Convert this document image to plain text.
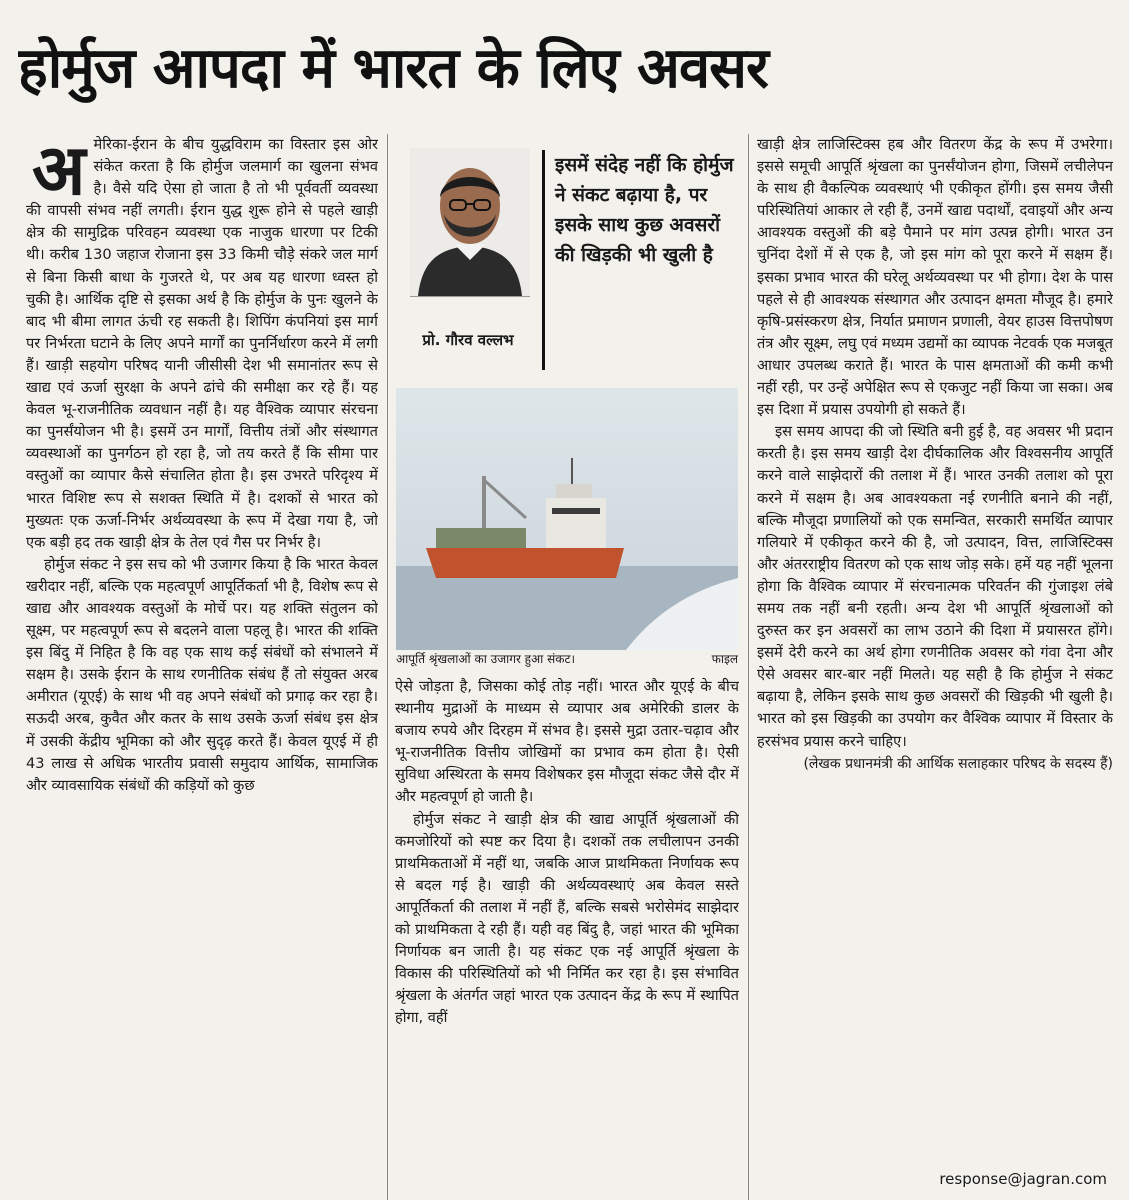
होर्मुज आपदा में भारत के लिए अवसर
अ मेरिका-ईरान के बीच युद्धविराम का विस्तार इस ओर संकेत करता है कि होर्मुज जलमार्ग का खुलना संभव है। वैसे यदि ऐसा हो जाता है तो भी पूर्ववर्ती व्यवस्था की वापसी संभव नहीं लगती। ईरान युद्ध शुरू होने से पहले खाड़ी क्षेत्र की सामुद्रिक परिवहन व्यवस्था एक नाजुक धारणा पर टिकी थी। करीब 130 जहाज रोजाना इस 33 किमी चौड़े संकरे जल मार्ग से बिना किसी बाधा के गुजरते थे, पर अब यह धारणा ध्वस्त हो चुकी है। आर्थिक दृष्टि से इसका अर्थ है कि होर्मुज के पुनः खुलने के बाद भी बीमा लागत ऊंची रह सकती है। शिपिंग कंपनियां इस मार्ग पर निर्भरता घटाने के लिए अपने मार्गों का पुनर्निर्धारण करने में लगी हैं। खाड़ी सहयोग परिषद यानी जीसीसी देश भी समानांतर रूप से खाद्य एवं ऊर्जा सुरक्षा के अपने ढांचे की समीक्षा कर रहे हैं। यह केवल भू-राजनीतिक व्यवधान नहीं है। यह वैश्विक व्यापार संरचना का पुनर्संयोजन भी है। इसमें उन मार्गों, वित्तीय तंत्रों और संस्थागत व्यवस्थाओं का पुनर्गठन हो रहा है, जो तय करते हैं कि सीमा पार वस्तुओं का व्यापार कैसे संचालित होता है। इस उभरते परिदृश्य में भारत विशिष्ट रूप से सशक्त स्थिति में है। दशकों से भारत को मुख्यतः एक ऊर्जा-निर्भर अर्थव्यवस्था के रूप में देखा गया है, जो एक बड़ी हद तक खाड़ी क्षेत्र के तेल एवं गैस पर निर्भर है।

होर्मुज संकट ने इस सच को भी उजागर किया है कि भारत केवल खरीदार नहीं, बल्कि एक महत्वपूर्ण आपूर्तिकर्ता भी है, विशेष रूप से खाद्य और आवश्यक वस्तुओं के मोर्चे पर। यह शक्ति संतुलन को सूक्ष्म, पर महत्वपूर्ण रूप से बदलने वाला पहलू है। भारत की शक्ति इस बिंदु में निहित है कि वह एक साथ कई संबंधों को संभालने में सक्षम है। उसके ईरान के साथ रणनीतिक संबंध हैं तो संयुक्त अरब अमीरात (यूएई) के साथ भी वह अपने संबंधों को प्रगाढ़ कर रहा है। सऊदी अरब, कुवैत और कतर के साथ उसके ऊर्जा संबंध इस क्षेत्र में उसकी केंद्रीय भूमिका को और सुदृढ़ करते हैं। केवल यूएई में ही 43 लाख से अधिक भारतीय प्रवासी समुदाय आर्थिक, सामाजिक और व्यावसायिक संबंधों की कड़ियों को कुछ

प्रो. गौरव वल्लभ
इसमें संदेह नहीं कि होर्मुज ने संकट बढ़ाया है, पर इसके साथ कुछ अवसरों की खिड़की भी खुली है
आपूर्ति श्रृंखलाओं का उजागर हुआ संकट।	फाइल

ऐसे जोड़ता है, जिसका कोई तोड़ नहीं। भारत और यूएई के बीच स्थानीय मुद्राओं के माध्यम से व्यापार अब अमेरिकी डालर के बजाय रुपये और दिरहम में संभव है। इससे मुद्रा उतार-चढ़ाव और भू-राजनीतिक वित्तीय जोखिमों का प्रभाव कम होता है। ऐसी सुविधा अस्थिरता के समय विशेषकर इस मौजूदा संकट जैसे दौर में और महत्वपूर्ण हो जाती है।

होर्मुज संकट ने खाड़ी क्षेत्र की खाद्य आपूर्ति श्रृंखलाओं की कमजोरियों को स्पष्ट कर दिया है। दशकों तक लचीलापन उनकी प्राथमिकताओं में नहीं था, जबकि आज प्राथमिकता निर्णायक रूप से बदल गई है। खाड़ी की अर्थव्यवस्थाएं अब केवल सस्ते आपूर्तिकर्ता की तलाश में नहीं हैं, बल्कि सबसे भरोसेमंद साझेदार को प्राथमिकता दे रही हैं। यही वह बिंदु है, जहां भारत की भूमिका निर्णायक बन जाती है। यह संकट एक नई आपूर्ति श्रृंखला के विकास की परिस्थितियों को भी निर्मित कर रहा है। इस संभावित श्रृंखला के अंतर्गत जहां भारत एक उत्पादन केंद्र के रूप में स्थापित होगा, वहीं

खाड़ी क्षेत्र लाजिस्टिक्स हब और वितरण केंद्र के रूप में उभरेगा। इससे समूची आपूर्ति श्रृंखला का पुनर्संयोजन होगा, जिसमें लचीलेपन के साथ ही वैकल्पिक व्यवस्थाएं भी एकीकृत होंगी। इस समय जैसी परिस्थितियां आकार ले रही हैं, उनमें खाद्य पदार्थों, दवाइयों और अन्य आवश्यक वस्तुओं की बड़े पैमाने पर मांग उत्पन्न होगी। भारत उन चुनिंदा देशों में से एक है, जो इस मांग को पूरा करने में सक्षम हैं। इसका प्रभाव भारत की घरेलू अर्थव्यवस्था पर भी होगा। देश के पास पहले से ही आवश्यक संस्थागत और उत्पादन क्षमता मौजूद है। हमारे कृषि-प्रसंस्करण क्षेत्र, निर्यात प्रमाणन प्रणाली, वेयर हाउस वित्तपोषण तंत्र और सूक्ष्म, लघु एवं मध्यम उद्यमों का व्यापक नेटवर्क एक मजबूत आधार उपलब्ध कराते हैं। भारत के पास क्षमताओं की कमी कभी नहीं रही, पर उन्हें अपेक्षित रूप से एकजुट नहीं किया जा सका। अब इस दिशा में प्रयास उपयोगी हो सकते हैं।

इस समय आपदा की जो स्थिति बनी हुई है, वह अवसर भी प्रदान करती है। इस समय खाड़ी देश दीर्घकालिक और विश्वसनीय आपूर्ति करने वाले साझेदारों की तलाश में हैं। भारत उनकी तलाश को पूरा करने में सक्षम है। अब आवश्यकता नई रणनीति बनाने की नहीं, बल्कि मौजूदा प्रणालियों को एक समन्वित, सरकारी समर्थित व्यापार गलियारे में एकीकृत करने की है, जो उत्पादन, वित्त, लाजिस्टिक्स और अंतरराष्ट्रीय वितरण को एक साथ जोड़ सके। हमें यह नहीं भूलना होगा कि वैश्विक व्यापार में संरचनात्मक परिवर्तन की गुंजाइश लंबे समय तक नहीं बनी रहती। अन्य देश भी आपूर्ति श्रृंखलाओं को दुरुस्त कर इन अवसरों का लाभ उठाने की दिशा में प्रयासरत होंगे। इसमें देरी करने का अर्थ होगा रणनीतिक अवसर को गंवा देना और ऐसे अवसर बार-बार नहीं मिलते। यह सही है कि होर्मुज ने संकट बढ़ाया है, लेकिन इसके साथ कुछ अवसरों की खिड़की भी खुली है। भारत को इस खिड़की का उपयोग कर वैश्विक व्यापार में विस्तार के हरसंभव प्रयास करने चाहिए।

(लेखक प्रधानमंत्री की आर्थिक सलाहकार परिषद के सदस्य हैं)
response@jagran.com
